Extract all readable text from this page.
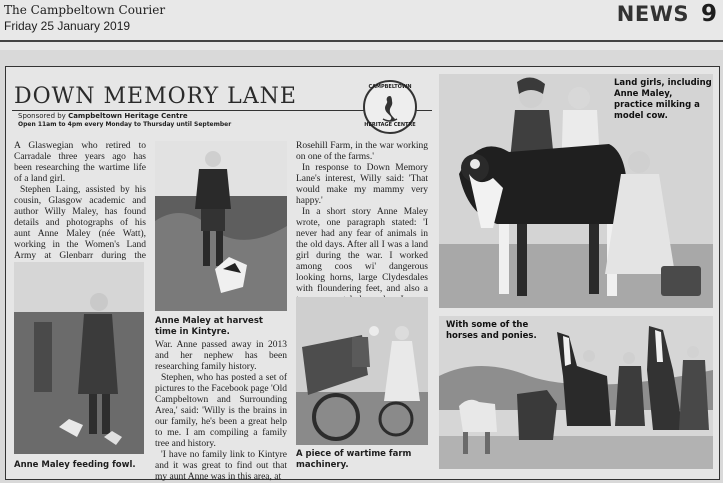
The Campbeltown Courier
Friday 25 January 2019	NEWS 9
DOWN MEMORY LANE
Sponsored by Campbeltown Heritage Centre
Open 11am to 4pm every Monday to Thursday until September
CAMPBELTOWN
HERITAGE CENTRE

A Glaswegian who retired to Carradale three years ago has been researching the wartime life of a land girl.

Stephen Laing, assisted by his cousin, Glasgow academic and author Willy Maley, has found details and photographs of his aunt Anne Maley (née Watt), working in the Women's Land Army at Glenbarr during the

Anne Maley feeding fowl.
Anne Maley at harvest time in Kintyre.

War. Anne passed away in 2013 and her nephew has been researching family history.

Stephen, who has posted a set of pictures to the Facebook page 'Old Campbeltown and Surrounding Area,' said: 'Willy is the brains in our family, he's been a great help to me. I am compiling a family tree and history.

'I have no family link to Kintyre and it was great to find out that my aunt Anne was in this area, at

Rosehill Farm, in the war working on one of the farms.'

In response to Down Memory Lane's interest, Willy said: 'That would make my mammy very happy.'

In a short story Anne Maley wrote, one paragraph stated: 'I never had any fear of animals in the old days. After all I was a land girl during the war. I worked among coos wi' dangerous looking horns, large Clydesdales with floundering feet, and also a

A piece of wartime farm machinery.
Land girls, including Anne Maley, practice milking a model cow.
With some of the horses and ponies.
